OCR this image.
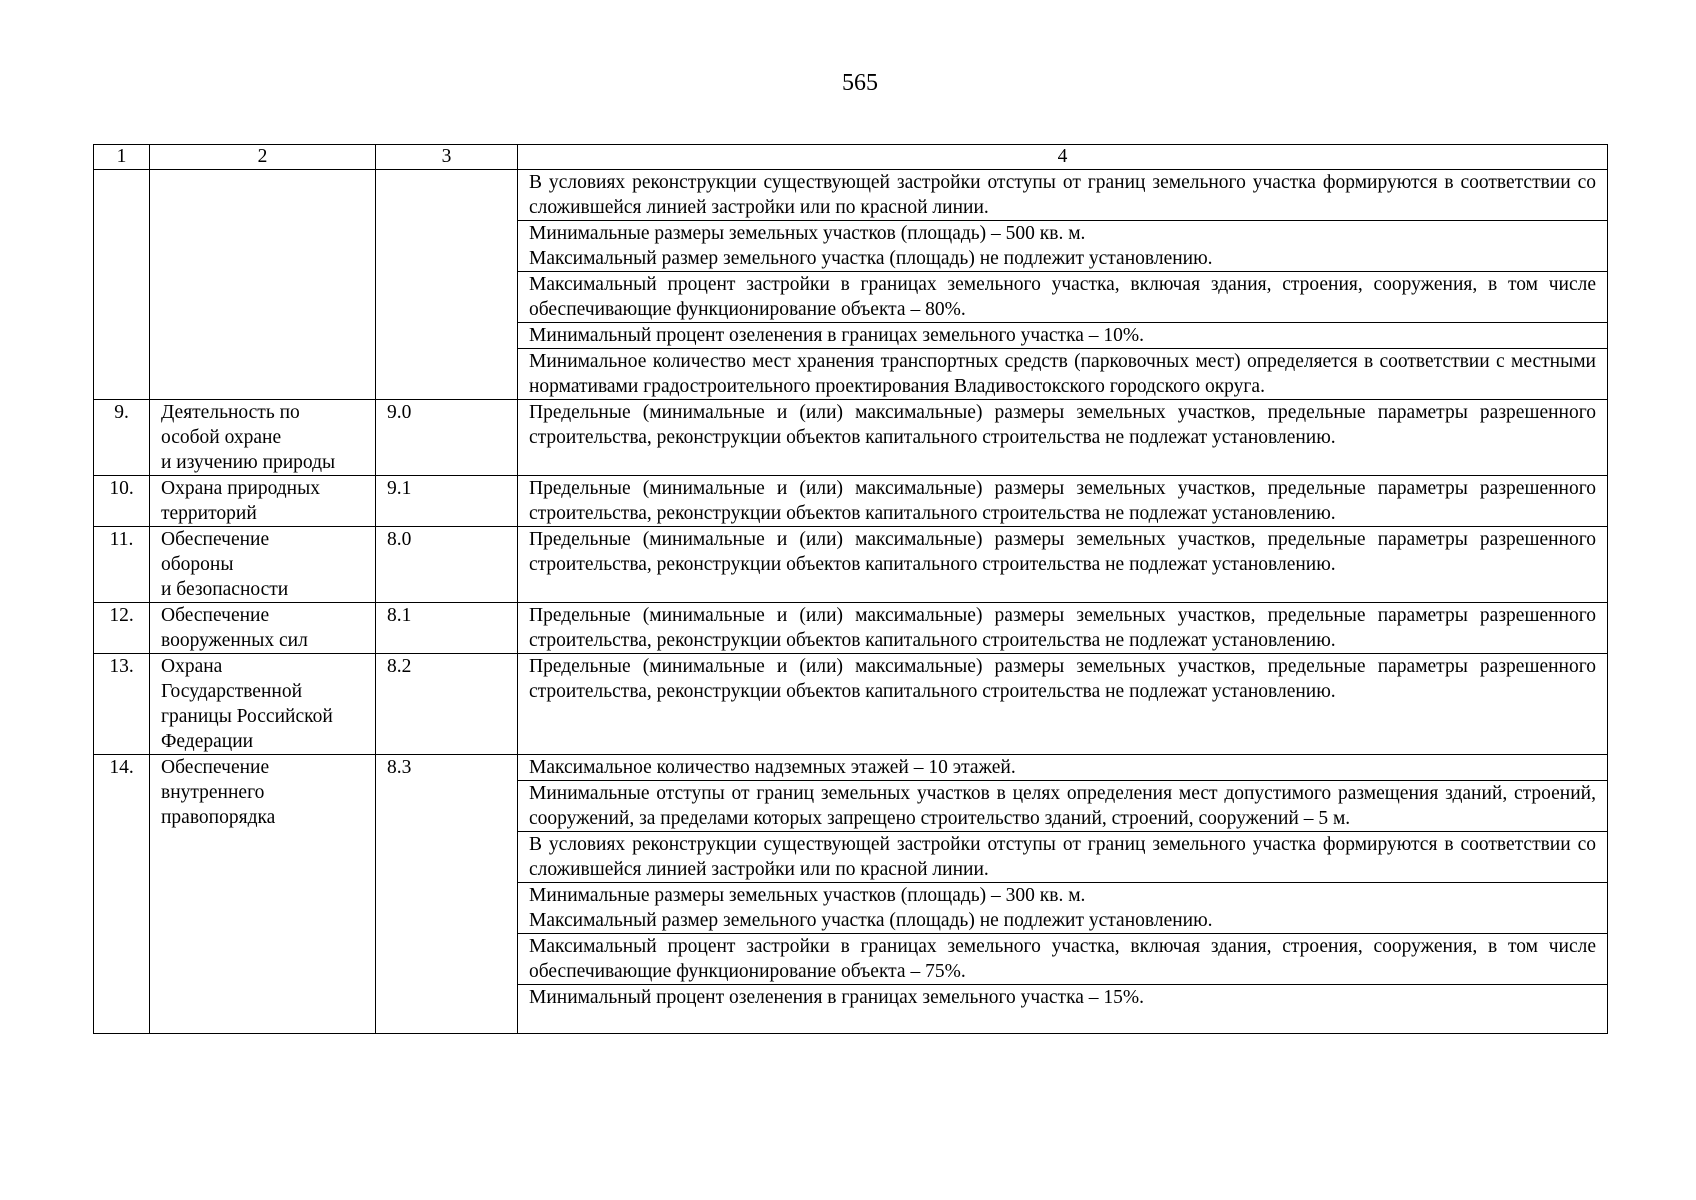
565
1	2	3	4
			В условиях реконструкции существующей застройки отступы от границ земельного участка формируются в соответствии со сложившейся линией застройки или по красной линии.

			Минимальные размеры земельных участков (площадь) – 500 кв. м.
Максимальный размер земельного участка (площадь) не подлежит установлению.

			Максимальный процент застройки в границах земельного участка, включая здания, строения, сооружения, в том числе обеспечивающие функционирование объекта – 80%.
			Минимальный процент озеленения в границах земельного участка – 10%.
			Минимальное количество мест хранения транспортных средств (парковочных мест) определяется в соответствии с местными нормативами градостроительного проектирования Владивостокского городского округа.
9.	Деятельность по
особой охране
и изучению природы	9.0	Предельные (минимальные и (или) максимальные) размеры земельных участков, предельные параметры разрешенного строительства, реконструкции объектов капитального строительства не подлежат установлению.
10.	Охрана природных
территорий	9.1	Предельные (минимальные и (или) максимальные) размеры земельных участков, предельные параметры разрешенного строительства, реконструкции объектов капитального строительства не подлежат установлению.
11.	Обеспечение
обороны
и безопасности	8.0	Предельные (минимальные и (или) максимальные) размеры земельных участков, предельные параметры разрешенного строительства, реконструкции объектов капитального строительства не подлежат установлению.
12.	Обеспечение
вооруженных сил	8.1	Предельные (минимальные и (или) максимальные) размеры земельных участков, предельные параметры разрешенного строительства, реконструкции объектов капитального строительства не подлежат установлению.
13.	Охрана
Государственной
границы Российской
Федерации	8.2	Предельные (минимальные и (или) максимальные) размеры земельных участков, предельные параметры разрешенного строительства, реконструкции объектов капитального строительства не подлежат установлению.
14.	Обеспечение
внутреннего
правопорядка	8.3	Максимальное количество надземных этажей – 10 этажей.
			Минимальные отступы от границ земельных участков в целях определения мест допустимого размещения зданий, строений, сооружений, за пределами которых запрещено строительство зданий, строений, сооружений – 5 м.
			В условиях реконструкции существующей застройки отступы от границ земельного участка формируются в соответствии со сложившейся линией застройки или по красной линии.

			Минимальные размеры земельных участков (площадь) – 300 кв. м.
Максимальный размер земельного участка (площадь) не подлежит установлению.

			Максимальный процент застройки в границах земельного участка, включая здания, строения, сооружения, в том числе обеспечивающие функционирование объекта – 75%.
			Минимальный процент озеленения в границах земельного участка – 15%.
